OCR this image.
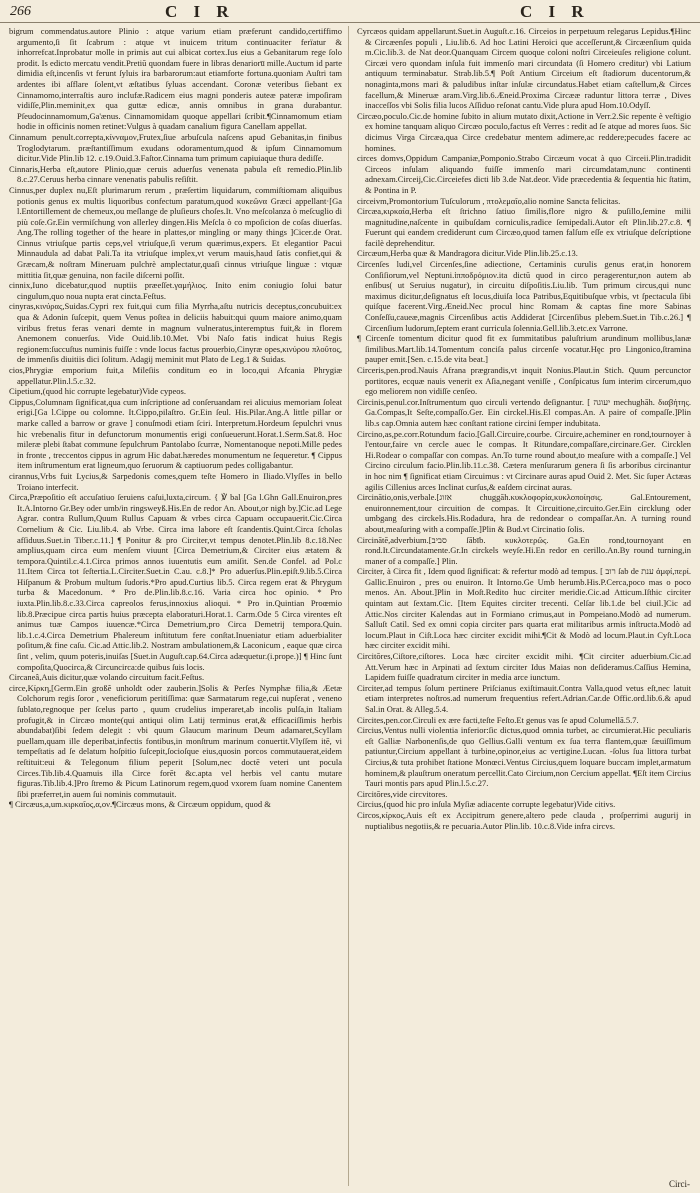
266	C I R	C I R

bigrum commendatus.autore Plinio : atque varium etiam præferunt candido,certiffimo argumento,ſi ſit ſcabrum : atque vt inuicem tritum continuaciter ferïatur & inhorrefcat.Inprobatur molle in primis aut cui albicat cortex.Ius eius a Gebanitarum rege ſolo prodit. Is edicto mercatu vendit.Pretiū quondam fuere in libras denarioru̅ mille.Auctum id parte dimidia eſt,incenſis vt ferunt ſyluis ira barbarorum:aut etiamforte fortuna.quoniam Auſtri tam ardentes ibi aſflare ſolent,vt æſtatibus ſyluas accendant. Coronæ veteribus ſiebant ex Cinnamomo,interraſtis auro inclufæ.Radicem eius magni ponderis auteæ pateræ impoſiram vidiſſe,Plin.meminit,ex qua guttæ edicæ, annis omnibus in grana durabantur. Pſeudocinnamomum,Ga'ænus. Cinnamomidam quoque appellari ſcribit.¶Cinnamomum etiam hodie in officinis nomen retinet:Vulgus à quadam canalium figura Canellam appellat.

Cinnamum penult.correpta,κίνναμον,Frutex,ſiue arbuſcula naſcens apud Gebanitas,in finibus Troglodytarum. præſtantiſſimum exudans odoramentum,quod & ipſum Cinnamomum dicitur.Vide Plin.lib 12. c.19.Ouid.3.Faſtor.Cinnama tum primum capiuiaque thura dediſſe.

Cinnaris,Herba eſt,autore Plinio,quæ ceruis aduerſus venenata pabula eſt remedio.Plin.lib 8.c.27.Ceruus herba cinnare venenatis pabulis reſiſtit.

Cinnus,per duplex nu,Eſt plurimarum rerum , præſertim liquidarum, commiſtiomam aliquibus potionis genus ex multis liquoribus confectum paratum,quod κυκεῶνα Græci appellant·[Ga l.Entortillement de chemeux,ou meſlange de pluſieurs choſes.It. Vno meſcolanza ò meſcuglio di più coſe.Gr.Ein vermiſchung von allerley dingen.His Meſcla ò co mpoſicion de coſas diuerſas. Ang.The rolling together of the heare in plattes,or mingling or maŋy things ]Cicer.de Orat. Cinnus vtriuſque partis ceps,vel vtriuſque,ſi verum quærimus,expers. Et elegantior Pacui Minnaudula ad dabat Pali.Ta ita vtriuſque implex,vt verum mauis,haud ſatis confiet,qui & Græcam,& noſtram Mineruam pulchrè amplectatur,quaſi cinnus vtriuſque linguæ : vtquæ mittitia ſit,quæ genuina, non facile diſcerni poſſit.

cinnix,Iuno dicebatur,quod nuptiis præeſſet.γαμήλιος. Inito enim coniugio ſolui batur cingulum,quo noua nupta erat cincta.Feſtus.

cinyras,κινύρας,Suidas.Cypri rex fuit,qui cum filia Myrrha,aſtu nutricis deceptus,concubuit:ex qua & Adonin ſuſcepit, quem Venus poſtea in deliciis habuit:qui quum maiore animo,quam viribus fretus feras venari demte in magnum vulneratus,interemptus fuit,& in florem Anemonem conuerſus. Vide Ouid.lib.10.Met. Vbi Naſo fatis indicat huius Regis regionem:ſuccuſtus numinis fuiſſe : vnde locus factus prouerbio,Cinyræ opes,κινύρου πλοῦτος, de immenſis diuitiis dici ſolitum. Adagij meminit mut Plato de Leg.1 & Suidas.

cios,Phrygiæ emporium fuit,a Mileſiis conditum eo in loco,qui Afcania Phrygiæ appellatur.Plin.l.5.c.32.

Cipetium,(quod hic corrupte legebatur)Vide cypeos.

Cippus,Columnam ſignificat,qua cum inſcriptione ad conſeruandam rei alicuius memoriam ſoleat erigi.[Ga l.Cippe ou colomne. It.Cippo,pilaſtro. Gr.Ein ſeul. His.Pilar.Ang.A little pillar or marke called a barrow or grave ] conuſmodi etiam ſciri. Interpretum.Hordeum ſepulchri vnus hic vrebenalis fitur in defunctorum monumentis erigi conſueuerunt.Horat.1.Serm.Sat.8. Hoc mileræ plebi ſtabat commune ſepulchrum Pantolabo ſcurræ, Nomentanoque nepoti.Mille pedes in fronte , treccentos cippus in agrum Hic dabat.hæredes monumentum ne ſequeretur. ¶ Cippus item inſtrumentum erat ligneum,quo ſeruorum & captiuorum pedes colligabantur.

cirannus,Vrbs fuit Lycius,& Sarpedonis comes,quem teſte Homero in Iliado.Vlyſſes in bello Troiano interfecit.

Circa,Præpoſitio eſt accuſatiuo ſeruiens caſui,luxta,circum. { ℣ bal [Ga l.Ghn Gall.Enuiron,pres It.A.Intorno Gr.Bey oder umb/in ringsweyß.His.En de redor An. About,or nigh by.]Cic.ad Lege Agrar. contra Rullum,Quum Rullus Capuam & vrbes circa Capuam occupauerit.Cic.Circa Cornelium & Cic. Liu.lib.4. ab Vrbe. Circa ima labore eſt ſcandentis.Quint.Circa ſcholas afſiduus.Suet.in Tiber.c.11.] ¶ Ponitur & pro Circiter,vt tempus denotet.Plin.lib 8.c.18.Nec amplius,quam circa eum menſem viuunt [Circa Demetrium,& Circiter eius ætatem & tempora.Quintil.c.4.1.Circa primos annos iuuentutis eum amiſit. Sen.de Confel. ad Pol.c 11.Item Circa tot ſeſtertia.L.Circiter.Suet.in C.au. c.8.]* Pro aduerſus.Plin.epiſt.9.lib.5.Circa Hiſpanum & Probum multum ſudoris.*Pro apud.Curtius lib.5. Circa regem erat & Phrygum turba & Macedonum. * Pro de.Plin.lib.8.c.16. Varia circa hoc opinio. * Pro iuxta.Plin.lib.8.c.33.Circa capreolos ferus,innoxius alioqui. * Pro in.Quintian Proœmio lib.8.Præcipue circa partis huius præcepta elaboraturi.Horat.1. Carm.Ode 5 Circa virentes eſt animus tuæ Campos iuuencæ.*Circa Demetrium,pro Circa Demetrij tempora.Quin. lib.1.c.4.Circa Demetrium Phalereum inſtitutum fere conſtat.Inueniatur etiam aduerbialiter poſitum,& fine caſu. Cic.ad Attic.lib.2. Nostram ambulationem,& Laconicum , eaque quæ circa ſint , velim, quum poteris,inuiſas [Suet.in Auguſt.cap.64.Circa adæquetur.(i.prope.)] ¶ Hinc ſunt compoſita,Quocirca,& Circuncirca:de quibus ſuis locis.

Circaneâ,Auis dicitur,quæ volando circuitum facit.Feſtus.

circe,Κίρκη,[Germ.Ein großẽ unholdt oder zauberin.]Solis & Perſes Nymphæ filia,& Æetæ Colchorum regis ſoror , veneficiorum peritiſſima: quæ Sarmatarum rege,cui nupſerat , veneno ſublato,regnoque per ſcelus parto , quum crudelius imperaret,ab incolis pulſa,in Italiam profugit,& in Circæo monte(qui antiqui olim Latij terminus erat,& efficaciſſimis herbis abundabat)ſibi ſedem delegit : vbi quum Glaucum marinum Deum adamaret,Scyllam puellam,quam ille deperibat,infectis fontibus,in monſtrum marinum conuertit.Vlyſſem itē, vi tempeſtatis ad ſe delatum hoſpitio ſuſcepit,ſocioſque eius,quosin porcos commutauerat,eidem reſtituit:eui & Telegonum filium peperit [Solum,nec doctē veteri unt pocula Circes.Tib.lib.4.Quamuis illa Circe forēt &c.apta vel herbis vel cantu mutare figuras.Tib.lib.4.]Pro ſtremo & Picum Latinorum regem,quod vxorem ſuam nomine Canentem ſibi præferret,in auem ſui nominis commutauit.

¶ Circæus,a,um.κιρκαῖος,α,ον.¶Circæus mons, & Circæum oppidum, quod &

Cyrcæos quidam appellarunt.Suet.in Auguſt.c.16. Circeios in perpetuum relegarus Lepidus.¶Hinc & Circæenſes populi , Liu.lib.6. Ad hoc Latini Heroici que acceſſerunt,& Circæenſium quida m.Cic.lib.3. de Nat deor.Quanquam Circem quoque coloni noſtri Circeieuſes religione colunt. Circæi vero quondam inſula fuit immenſo mari circundata (ſi Homero creditur) vbi Latium antiquum terminabatur. Strab.lib.5.¶ Poſt Antium Circeium eſt ſtadiorum ducentorum,& nonaginta,mons mari & paludibus inſtar inſulæ circundatus.Habet etiam caſtellum,& Circes facellum,& Mineruæ aram.Virg.lib.6.Æneid.Proxima Circææ raduntur littora terræ , Dives inacceſſos vbi Solis filia lucos Aſſiduo reſonat cantu.Vide plura apud Hom.10.Odyſſ.

Circæo,poculo.Cic.de homine ſubito in alium mutato dixit,Actione in Verr.2.Sic repente è veſtigio ex homine tanquam aliquo Circæo poculo,factus eſt Verres : redit ad ſe atque ad mores ſuos. Sic dicimus Virga Circæa,qua Circe credebatur mentem adimere,ac reddere;pecudes facere ac homines.

circes domvs,Oppidum Campaniæ,Pomponio.Strabo Circæum vocat à quo Circeii.Plin.tradidit Circeos inſulam aliquando fuiſſe immenſo mari circumdatam,nunc continenti adnexam.Circeij,Cic.Circeiefes dicti lib 3.de Nat.deor. Vide præcedentia & ſequentia hic ſtatim, & Pontina in P.

circeivm,Promontorium Tuſculorum , πτολεμαῖο,alio nomine Sancta felicitas.

Circæa,κιρκαία,Herba eſt ſtrichno ſatiuo ſimilis,flore nigro & puſillo,ſemine milii magnitudine,naſcente in quibuſdam corniculis,radice ſemipedali.Autor eſt Plin.lib.27.c.8. ¶ Fuerunt qui eandem crediderunt cum Circæo,quod tamen falſum eſſe ex vtriuſque deſcriptione facilè deprehenditur.

Circæum,Herba quæ & Mandragora dicitur.Vide Plin.lib.25.c.13.

Circenſes ludi,vel Circenſes,ſine adiectione, Certaminis curulis genus erat,in honorem Conſiſiorum,vel Neptuni.ἱπποδρόμιον.ita dictū quod in circo peragerentur,non autem ab enſibus( ut Seruius nugatur), in circuitu diſpoſitis.Liu.lib. Tum primum circus,qui nunc maximus dicitur,deſignatus eſt locus,diuiſa loca Patribus,Equitibuſque vrbis, vt ſpectacula ſibi quiſque facerent.Virg.Æneid.Nec procul hinc Romam & captas fine more Sabinas Conſeſſu,caueæ,magnis Circenſibus actis Addiderat [Circenſibus plebem.Suet.in Tib.c.26.] ¶ Circenſium ludorum,ſeptem erant curricula ſolennia.Gell.lib.3.etc.ex Varrone.

¶ Circenſe tomentum dicitur quod fit ex ſummitatibus paluſtrium arundinum mollibus,lanæ ſimilibus.Mart.lib.14.Tomentum conciſa palus circenſe vocatur.Hęc pro Lingonico,ſtramina pauper emit.[Sen. c.15.de vita beat.]

Circeris,pen.prod.Nauis Afrana prægrandis,vt inquit Nonius.Plaut.in Stich. Quum percunctor portitores, ecquæ nauis venerit ex Aſia,negant veniſſe , Conſpicatus ſum interim circerum,quo ego meliorem non vidiſſe cenſeo.

Circinis,penul.cor.Inſtrumentum quo circuli vertendo deſignantur. [ יעוגה mechughāh. διαβήτης. Ga.Compas,It Seſte,compaſſo.Ger. Ein circkel.His.El compas.An. A paire of compaſſe.]Plin lib.s cap.Omnia autem hæc conſtant ratione circini ſemper indubitata.

Circino,as,pe.corr.Rotundum facio.[Gall.Circuire,courbe. Circuire,acheminer en rond,tournoyer à l'entour,faire vn cercle auec le compas. It Ritundare,compaſſare,circinare.Ger. Circklen Hi.Rodear o compaſſar con compas. An.To turne round about,to meaſure with a compaſſe.] Vel Circino circulum facio.Plin.lib.11.c.38. Cætera menſurarum genera ſi ſis arboribus circinantur in hoc nim ¶ ſignificat etiam Circuimus : vt Circinare auras apud Ouid 2. Met. Sic ſuper Actæas agilis Cillenius arces Inclinat curſus,& eaſdem circinat auras.

Circinātio,onis,verbale.[אזוג chuggāh.κυκλοφορία,κυκλοποίησις. Gal.Entourement, enuironnement,tour circuition de compas. It Circuitione,circuito.Ger.Ein circklung oder umbgang des circkels.His.Rodadura, hra de redondear o compaſſar.An. A turning round about,meaſuring with a compaſſe.]Plin & Bud.vt Circinatio ſolis.

Circinātē,adverbium.[סביב ſābīb. κυκλοτερῶς. Ga.En rond,tournoyant en rond.It.Circundatamente.Gr.In circkels weyſe.Hi.En redor en cerillo.An.By round turning,in maner of a compaſſe.] Plin.

Circiter, à Circa fit , Idem quod ſignificat: & refertur modò ad tempus. [ רוב ſab de ענת ἀμφί,περί. Gallic.Enuiron , pres ou enuiron. It Intorno.Ge Umb herumb.His.P.Cerca,poco mas o poco menos. An. About.]Plin in Moſt.Redito huc circiter meridie.Cic.ad Atticum.Iſthic circiter quintam aut ſextam.Cic. [Item Equites circiter trecenti. Celſar lib.1.de bel ciuil.]Cic ad Attic.Nos circiter Kalendas aut in Formiano crimus,aut in Pompeiano.Modò ad numerum. Salluſt Catil. Sed ex omni copia circiter pars quarta erat militaribus armis inſtructa.Modò ad locum.Plaut in Ciſt.Loca hæc circiter excidit mihi.¶Cit & Modò ad locum.Plaut.in Cyſt.Loca hæc circiter excidit mihi.

Circitōres,Ciſtore,ciſtores. Loca hæc circiter excidit mihi. ¶Cit circiter aduerbium.Cic.ad Att.Verum hæc in Arpinati ad ſextum circiter Idus Maias non deſideramus.Caſſius Hemina, Lapidem fuiſſe quadratum circiter in media arce iunctum.

Circiter,ad tempus ſolum pertinere Priſcianus exiſtimauit.Contra Valla,quod vetus eſt,nec latuit etiam interpretes noſtros.ad numerum frequentius refert.Adrian.Car.de Offic.ord.lib.6.& apud Sal.in Orat. & Alleg.5.4.

Circites,pen.cor.Circuli ex ære facti,teſte Feſto.Et genus vas ſe apud Columellā.5.7.

Circius,Ventus nulli violentia inferior:ſic dictus,quod omnia turbet, ac circumierat.Hic peculiaris eſt Galliæ Narbonenſis,de quo Gellius.Galli ventum ex ſua terra flantem,quæ ſæuiſſimum patiuntur,Circium appellant à turbine,opinor,eius ac vertigine.Lucan. -ſolus ſua littora turbat Circius,& tuta prohibet ſtatione Monœci.Ventus Circius,quem loquare buccam implet,armatum hominem,& plauſtrum oneratum percellit.Cato Circium,non Cercium appellat. ¶Eſt item Circius Tauri montis pars apud Plin.l.5.c.27.

Circitōres,vide circvitores.

Circius,(quod hic pro inſula Myſiæ adiacente corrupte legebatur)Vide citivs.

Circos,κίρκος,Auis eſt ex Accipitrum genere,altero pede clauda , proſperrimi augurij in nuptialibus negotiis,& re pecuaria.Autor Plin.lib. 10.c.8.Vide infra circvs.

Circi-
